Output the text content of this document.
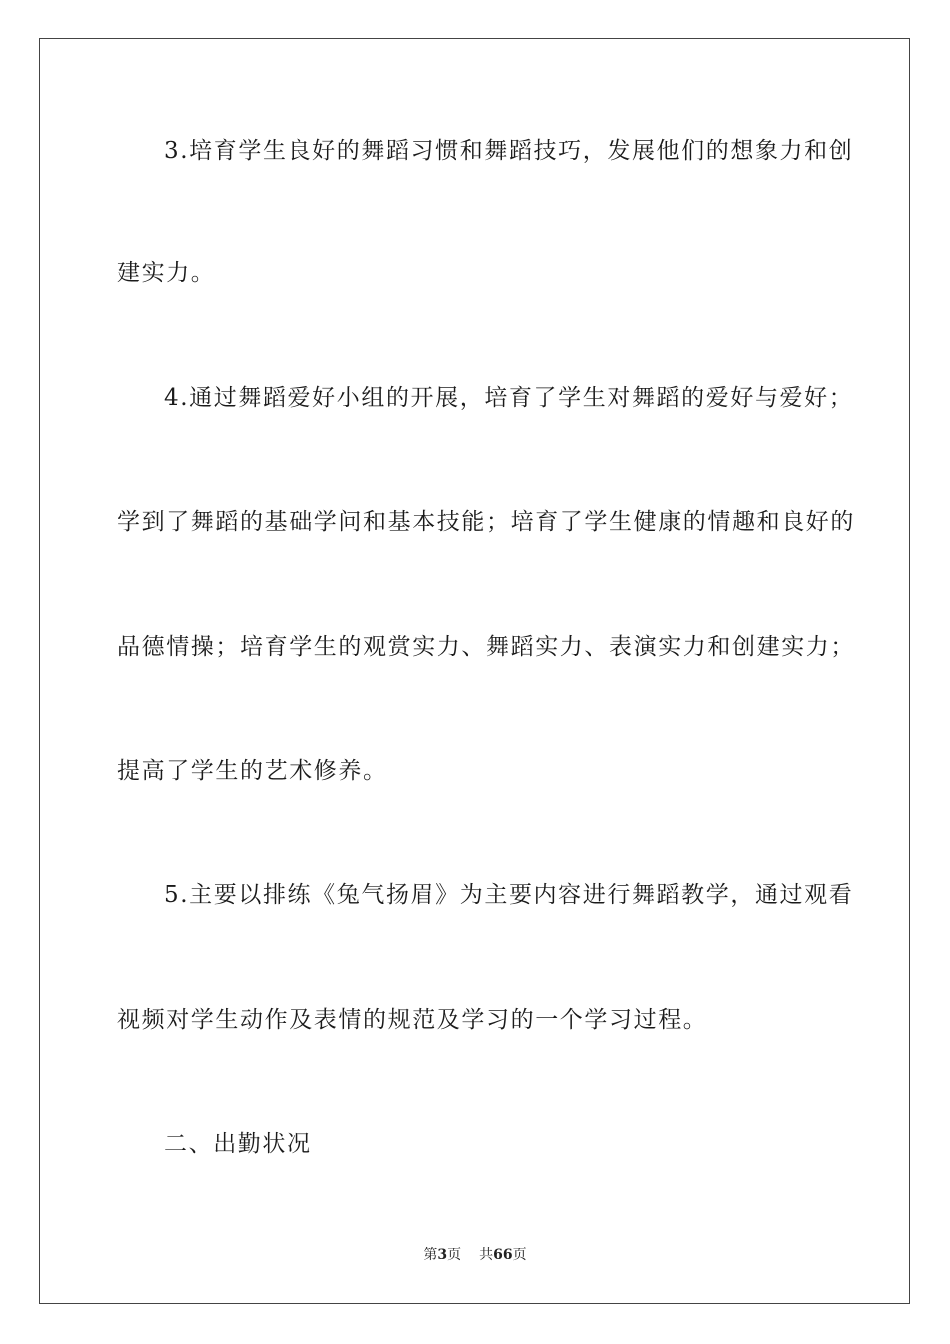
3.培育学生良好的舞蹈习惯和舞蹈技巧，发展他们的想象力和创
建实力。
4.通过舞蹈爱好小组的开展，培育了学生对舞蹈的爱好与爱好；
学到了舞蹈的基础学问和基本技能；培育了学生健康的情趣和良好的
品德情操；培育学生的观赏实力、舞蹈实力、表演实力和创建实力；
提高了学生的艺术修养。
5.主要以排练《兔气扬眉》为主要内容进行舞蹈教学，通过观看
视频对学生动作及表情的规范及学习的一个学习过程。
二、出勤状况
第3页 共66页
